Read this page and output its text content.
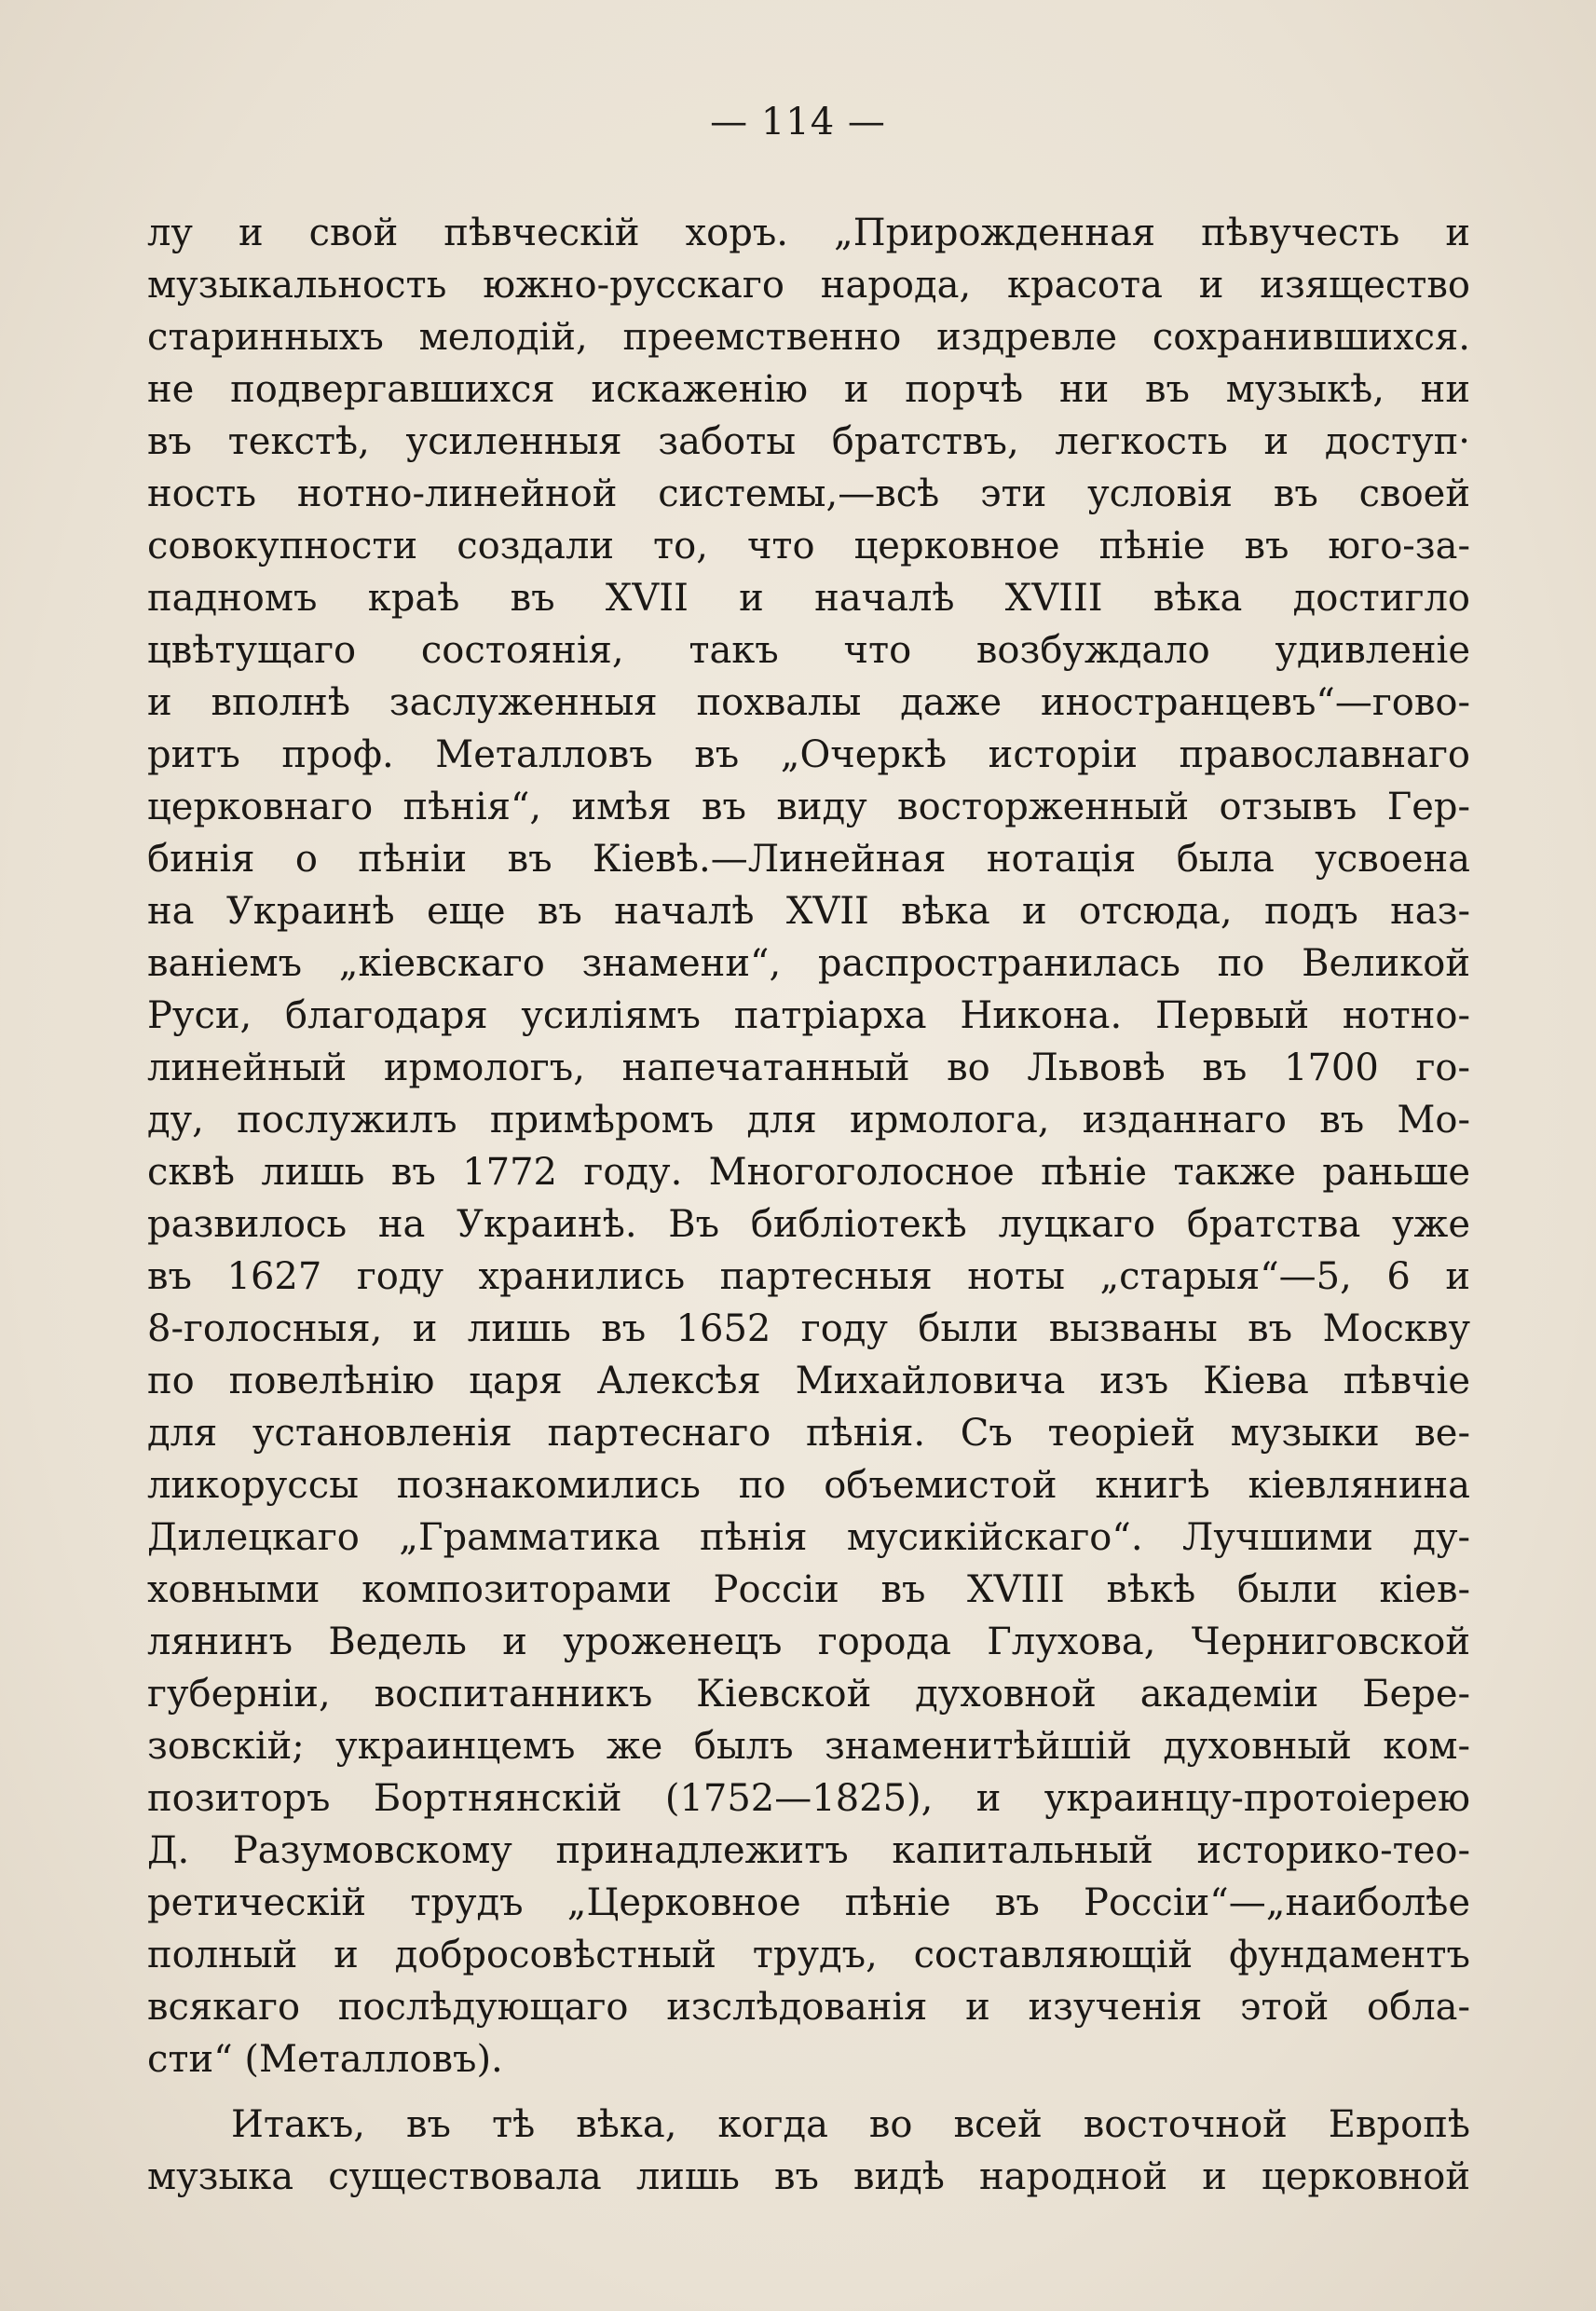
— 114 —
лу и свой пѣвческій хоръ. „Прирожденная пѣвучесть и
музыкальность южно-русскаго народа, красота и изящество
старинныхъ мелодій, преемственно издревле сохранившихся.
не подвергавшихся искаженію и порчѣ ни въ музыкѣ, ни
въ текстѣ, усиленныя заботы братствъ, легкость и доступ·
ность нотно-линейной системы,—всѣ эти условія въ своей
совокупности создали то, что церковное пѣніе въ юго-за-
падномъ краѣ въ XVII и началѣ XVIII вѣка достигло
цвѣтущаго состоянія, такъ что возбуждало удивленіе
и вполнѣ заслуженныя похвалы даже иностранцевъ“—гово-
ритъ проф. Металловъ въ „Очеркѣ исторіи православнаго
церковнаго пѣнія“, имѣя въ виду восторженный отзывъ Гер-
бинія о пѣніи въ Кіевѣ.—Линейная нотація была усвоена
на Украинѣ еще въ началѣ XVII вѣка и отсюда, подъ наз-
ваніемъ „кіевскаго знамени“, распространилась по Великой
Руси, благодаря усиліямъ патріарха Никона. Первый нотно-
линейный ирмологъ, напечатанный во Львовѣ въ 1700 го-
ду, послужилъ примѣромъ для ирмолога, изданнаго въ Мо-
сквѣ лишь въ 1772 году. Многоголосное пѣніе также раньше
развилось на Украинѣ. Въ библіотекѣ луцкаго братства уже
въ 1627 году хранились партесныя ноты „старыя“—5, 6 и
8-голосныя, и лишь въ 1652 году были вызваны въ Москву
по повелѣнію царя Алексѣя Михайловича изъ Кіева пѣвчіе
для установленія партеснаго пѣнія. Съ теоріей музыки ве-
ликоруссы познакомились по объемистой книгѣ кіевлянина
Дилецкаго „Грамматика пѣнія мусикійскаго“. Лучшими ду-
ховными композиторами Россіи въ XVIII вѣкѣ были кіев-
лянинъ Ведель и уроженецъ города Глухова, Черниговской
губерніи, воспитанникъ Кіевской духовной академіи Бере-
зовскій; украинцемъ же былъ знаменитѣйшій духовный ком-
позиторъ Бортнянскій (1752—1825), и украинцу-протоіерею
Д. Разумовскому принадлежитъ капитальный историко-тео-
ретическій трудъ „Церковное пѣніе въ Россіи“—„наиболѣе
полный и добросовѣстный трудъ, составляющій фундаментъ
всякаго послѣдующаго изслѣдованія и изученія этой обла-
сти“ (Металловъ).
Итакъ, въ тѣ вѣка, когда во всей восточной Европѣ
музыка существовала лишь въ видѣ народной и церковной
